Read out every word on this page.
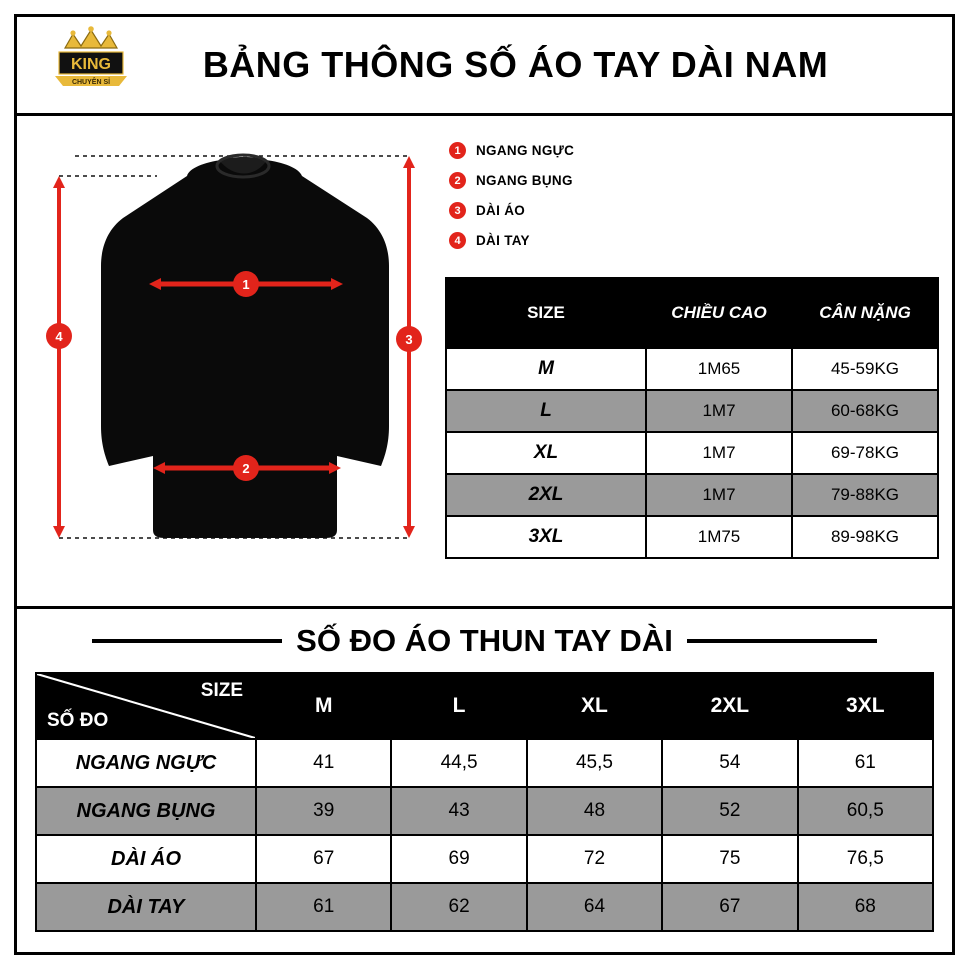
KING
CHUYÊN SỈ	BẢNG THÔNG SỐ ÁO TAY DÀI NAM
1
2
3
4
1	NGANG NGỰC
2	NGANG BỤNG
3	DÀI ÁO
4	DÀI TAY
SIZE	CHIỀU CAO	CÂN NẶNG
M	1M65	45-59KG
L	1M7	60-68KG
XL	1M7	69-78KG
2XL	1M7	79-88KG
3XL	1M75	89-98KG
SỐ ĐO ÁO THUN TAY DÀI
SIZE
SỐ ĐO	M	L	XL	2XL	3XL
NGANG NGỰC	41	44,5	45,5	54	61
NGANG BỤNG	39	43	48	52	60,5
DÀI ÁO	67	69	72	75	76,5
DÀI TAY	61	62	64	67	68
